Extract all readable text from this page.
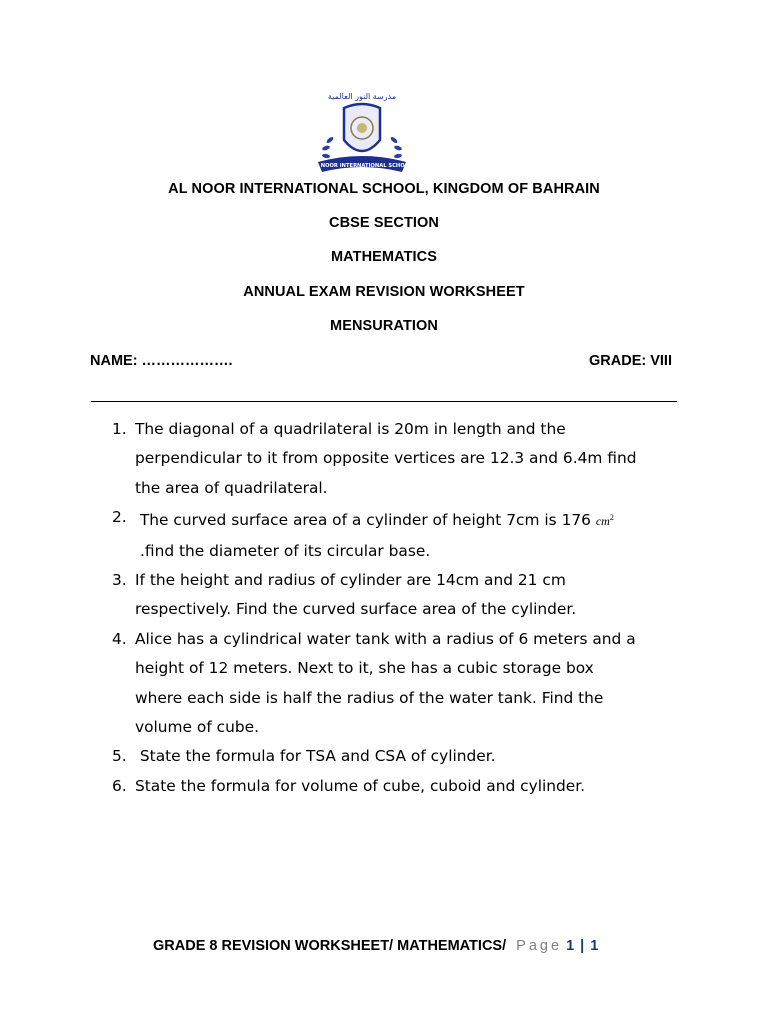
مدرسة النور العالمية
AL NOOR INTERNATIONAL SCHOOL
AL NOOR INTERNATIONAL SCHOOL, KINGDOM OF BAHRAIN
CBSE SECTION
MATHEMATICS
ANNUAL EXAM REVISION WORKSHEET
MENSURATION
NAME: ……………….	GRADE: VIII
1. The diagonal of a quadrilateral is 20m in length and the
perpendicular to it from opposite vertices are 12.3 and 6.4m find
the area of quadrilateral.
2. The curved surface area of a cylinder of height 7cm is 176 $cm^2$
.find the diameter of its circular base.
3. If the height and radius of cylinder are 14cm and 21 cm
respectively. Find the curved surface area of the cylinder.
4. Alice has a cylindrical water tank with a radius of 6 meters and a
height of 12 meters. Next to it, she has a cubic storage box
where each side is half the radius of the water tank. Find the
volume of cube.
5. State the formula for TSA and CSA of cylinder.
6. State the formula for volume of cube, cuboid and cylinder.
GRADE 8 REVISION WORKSHEET/ MATHEMATICS/ Page 1 | 1
